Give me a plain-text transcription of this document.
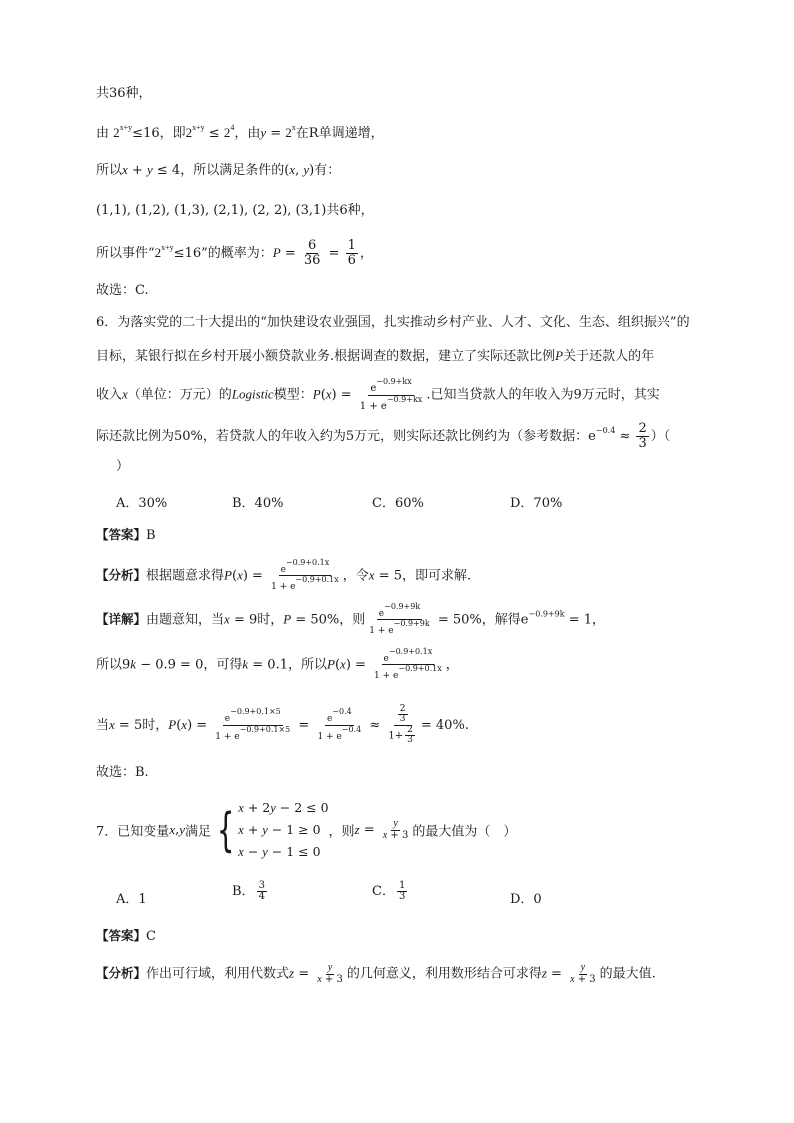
共36种，
由 $2^{x+y}\le 16$，即$2^{x+y} \le 2^4$，由$y = 2^x$在R单调递增，
所以x + y ≤ 4，所以满足条件的(x, y)有：
(1,1), (1,2), (1,3), (2,1), (2, 2), (3,1)共6种，
所以事件“$2^{x+y}\le 16$”的概率为：$P = \frac{6}{36} = \frac{1}{6}$ ，
故选：C.
6．为落实党的二十大提出的“加快建设农业强国，扎实推动乡村产业、人才、文化、生态、组织振兴”的
目标，某银行拟在乡村开展小额贷款业务.根据调查的数据，建立了实际还款比例P关于还款人的年
收入x（单位：万元）的Logistic模型：$P(x) = \frac{e^{-0.9+kx}}{1 + e^{-0.9+kx}}$ .已知当贷款人的年收入为9万元时，其实
际还款比例为50%，若贷款人的年收入约为5万元，则实际还款比例约为（参考数据：$e^{-0.4} \approx \frac{2}{3}$ ）（
）
A．30%	B．40%	C．60%	D．70%
【答案】B
【分析】根据题意求得$P(x) = \frac{e^{-0.9+0.1x}}{1 + e^{-0.9+0.1x}}$ ，令x = 5，即可求解.
【详解】由题意知，当x = 9时，P = 50%，则 $\frac{e^{-0.9+9k}}{1 + e^{-0.9+9k}} = 50\%$，解得$e^{-0.9+9k} = 1$，
所以9k − 0.9 = 0，可得k = 0.1，所以$P(x) = \frac{e^{-0.9+0.1x}}{1 + e^{-0.9+0.1x}}$ ，
当x = 5时，$P(x) = \frac{e^{-0.9+0.1\times 5}}{1 + e^{-0.9+0.1\times 5}} = \frac{e^{-0.4}}{1 + e^{-0.4}} \approx \frac{\frac{2}{3}}{1+ \frac{2}{3}} = 40\%$.
故选：B.
7．已知变量x,y满足 { x + 2y − 2 ≤ 0
x + y − 1 ≥ 0
x − y − 1 ≤ 0，则$z = \frac{y}{x + 3}$ 的最大值为（　）
A．1
B． $\frac{3}{4}$	C． $\frac{1}{3}$	D．0
【答案】C
【分析】作出可行域，利用代数式$z = \frac{y}{x + 3}$ 的几何意义，利用数形结合可求得$z = \frac{y}{x + 3}$ 的最大值.
